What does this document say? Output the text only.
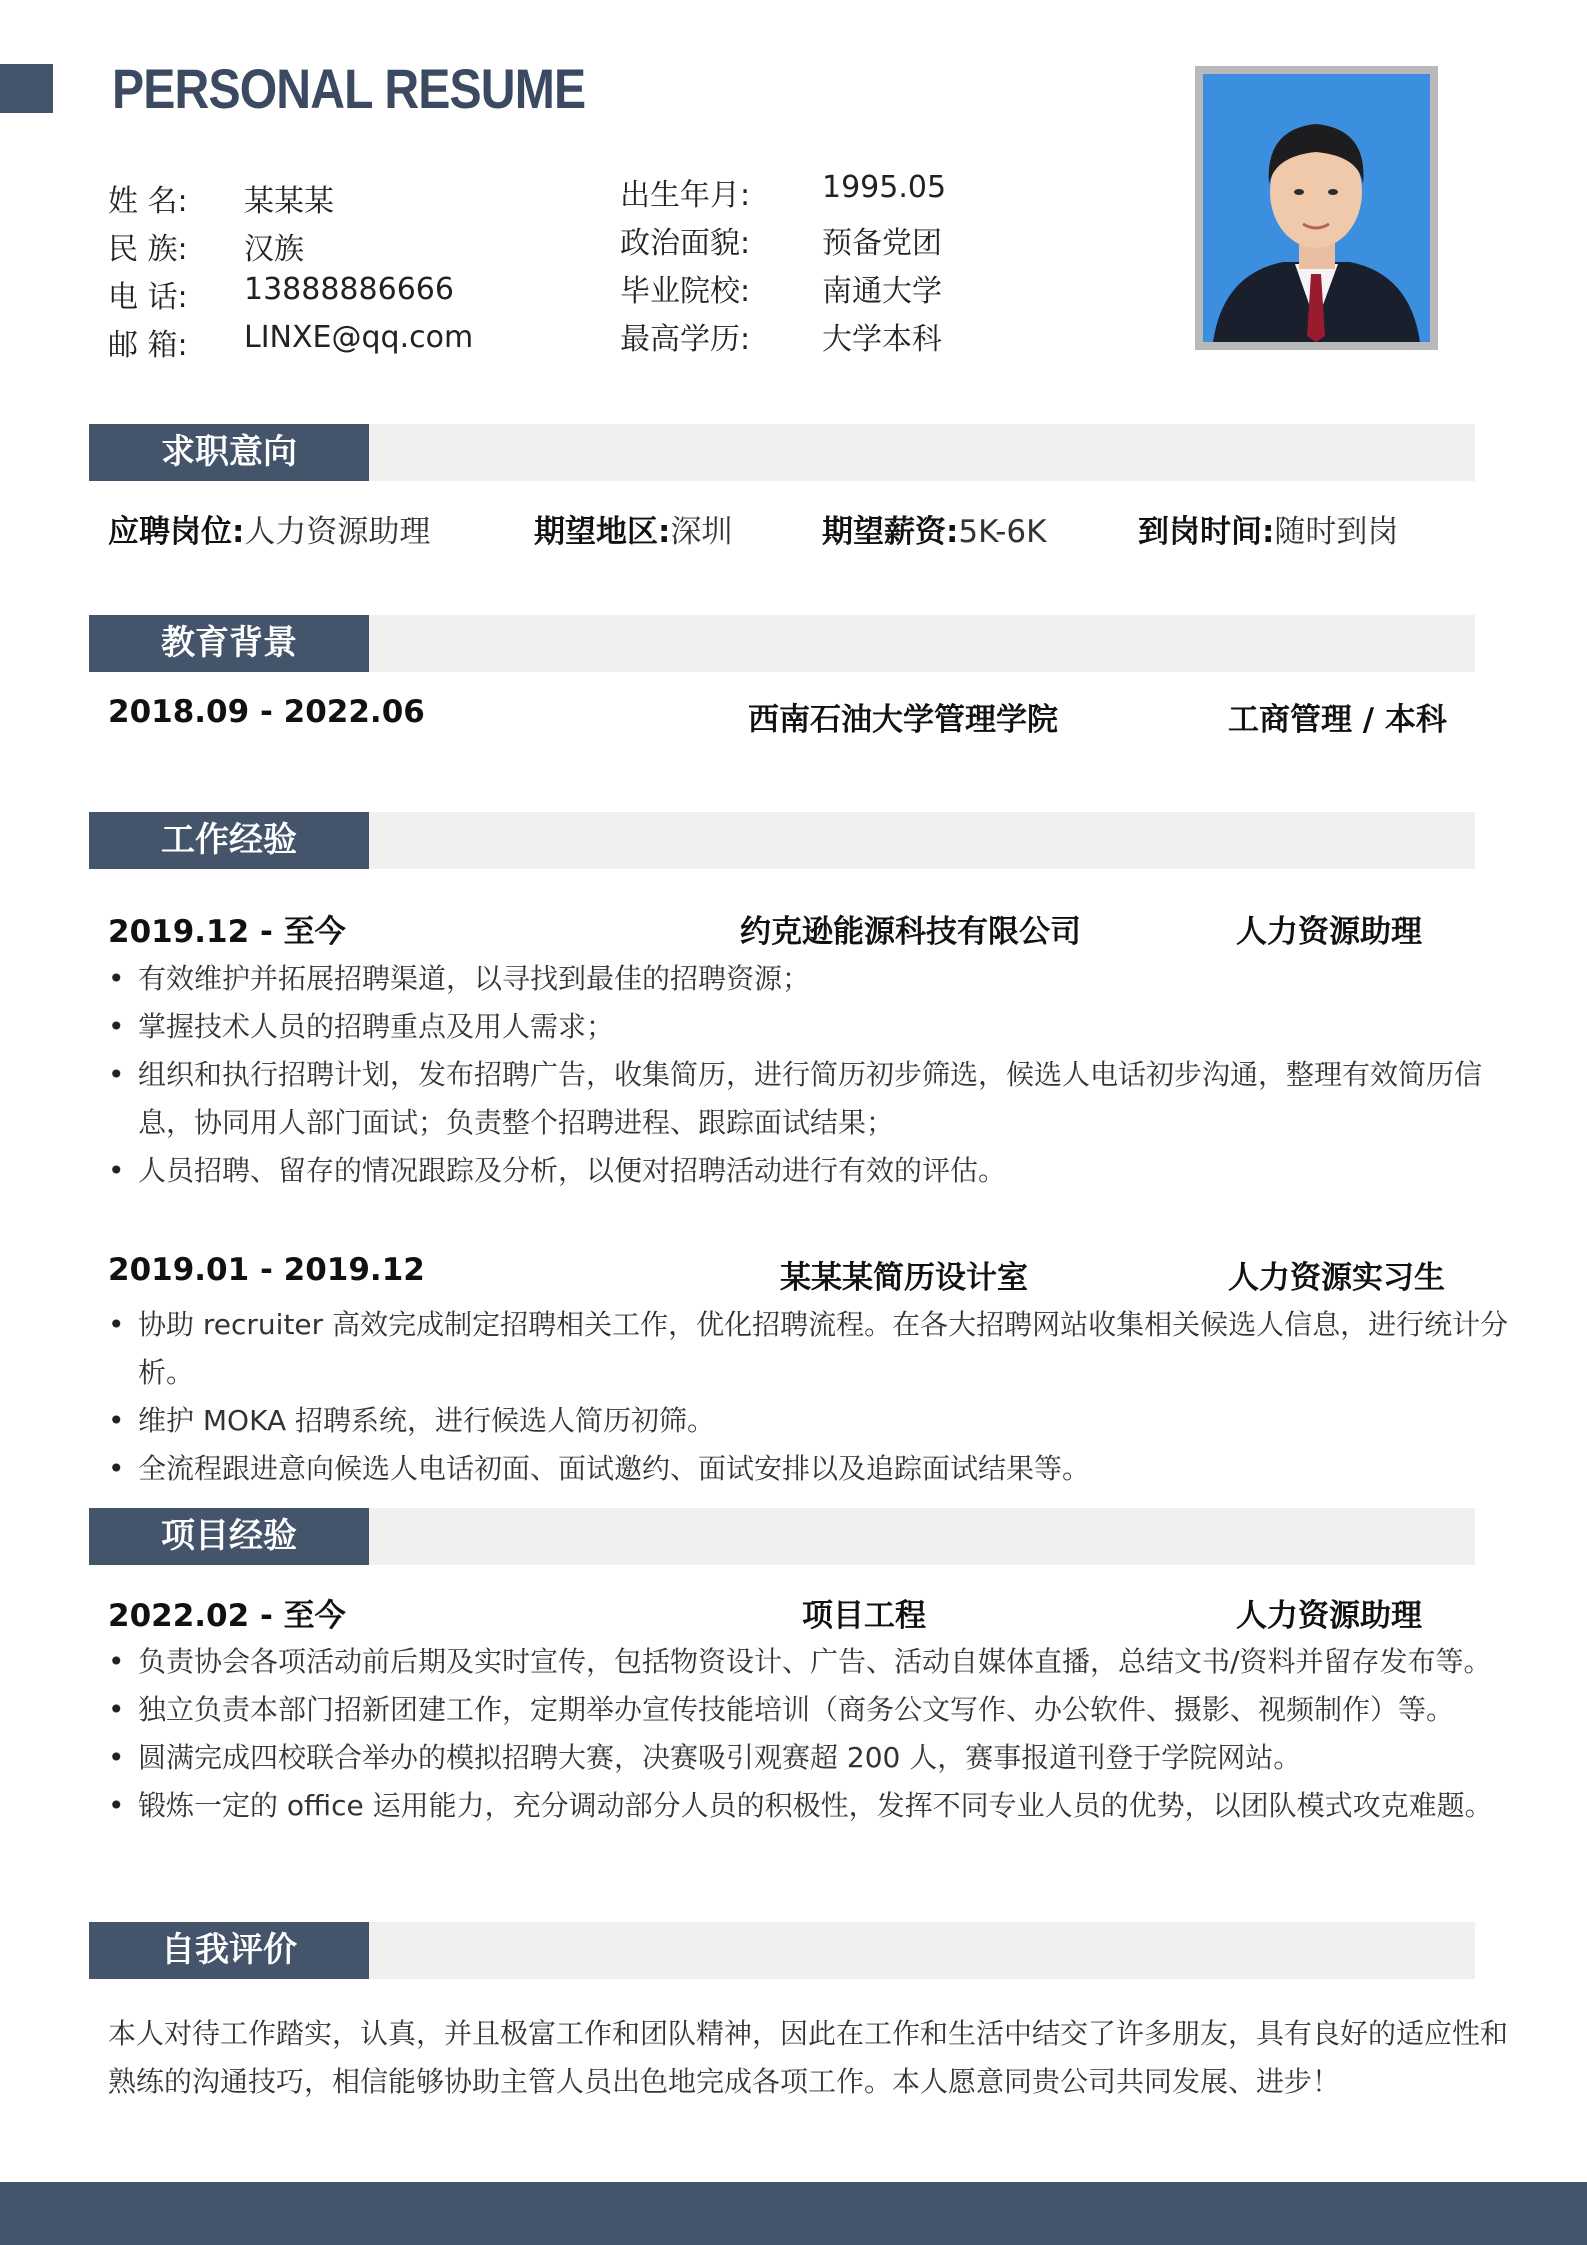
PERSONAL RESUME
姓 名: 某某某
民 族: 汉族
电 话: 13888886666
邮 箱: LINXE@qq.com
出生年月: 1995.05
政治面貌: 预备党团
毕业院校: 南通大学
最高学历: 大学本科
求职意向
应聘岗位:人力资源助理	期望地区:深圳	期望薪资:5K-6K	到岗时间:随时到岗
教育背景
2018.09 - 2022.06	西南石油大学管理学院	工商管理 / 本科
工作经验
2019.12 - 至今	约克逊能源科技有限公司	人力资源助理
• 有效维护并拓展招聘渠道，以寻找到最佳的招聘资源；
• 掌握技术人员的招聘重点及用人需求；
• 组织和执行招聘计划，发布招聘广告，收集简历，进行简历初步筛选，候选人电话初步沟通，整理有效简历信息，协同用人部门面试；负责整个招聘进程、跟踪面试结果；
• 人员招聘、留存的情况跟踪及分析，以便对招聘活动进行有效的评估。
2019.01 - 2019.12	某某某简历设计室	人力资源实习生
• 协助 recruiter 高效完成制定招聘相关工作，优化招聘流程。在各大招聘网站收集相关候选人信息，进行统计分析。
• 维护 MOKA 招聘系统，进行候选人简历初筛。
• 全流程跟进意向候选人电话初面、面试邀约、面试安排以及追踪面试结果等。
项目经验
2022.02 - 至今	项目工程	人力资源助理
• 负责协会各项活动前后期及实时宣传，包括物资设计、广告、活动自媒体直播，总结文书/资料并留存发布等。
• 独立负责本部门招新团建工作，定期举办宣传技能培训（商务公文写作、办公软件、摄影、视频制作）等。
• 圆满完成四校联合举办的模拟招聘大赛，决赛吸引观赛超 200 人，赛事报道刊登于学院网站。
• 锻炼一定的 office 运用能力，充分调动部分人员的积极性，发挥不同专业人员的优势，以团队模式攻克难题。
自我评价
本人对待工作踏实，认真，并且极富工作和团队精神，因此在工作和生活中结交了许多朋友，具有良好的适应性和熟练的沟通技巧，相信能够协助主管人员出色地完成各项工作。本人愿意同贵公司共同发展、进步！
